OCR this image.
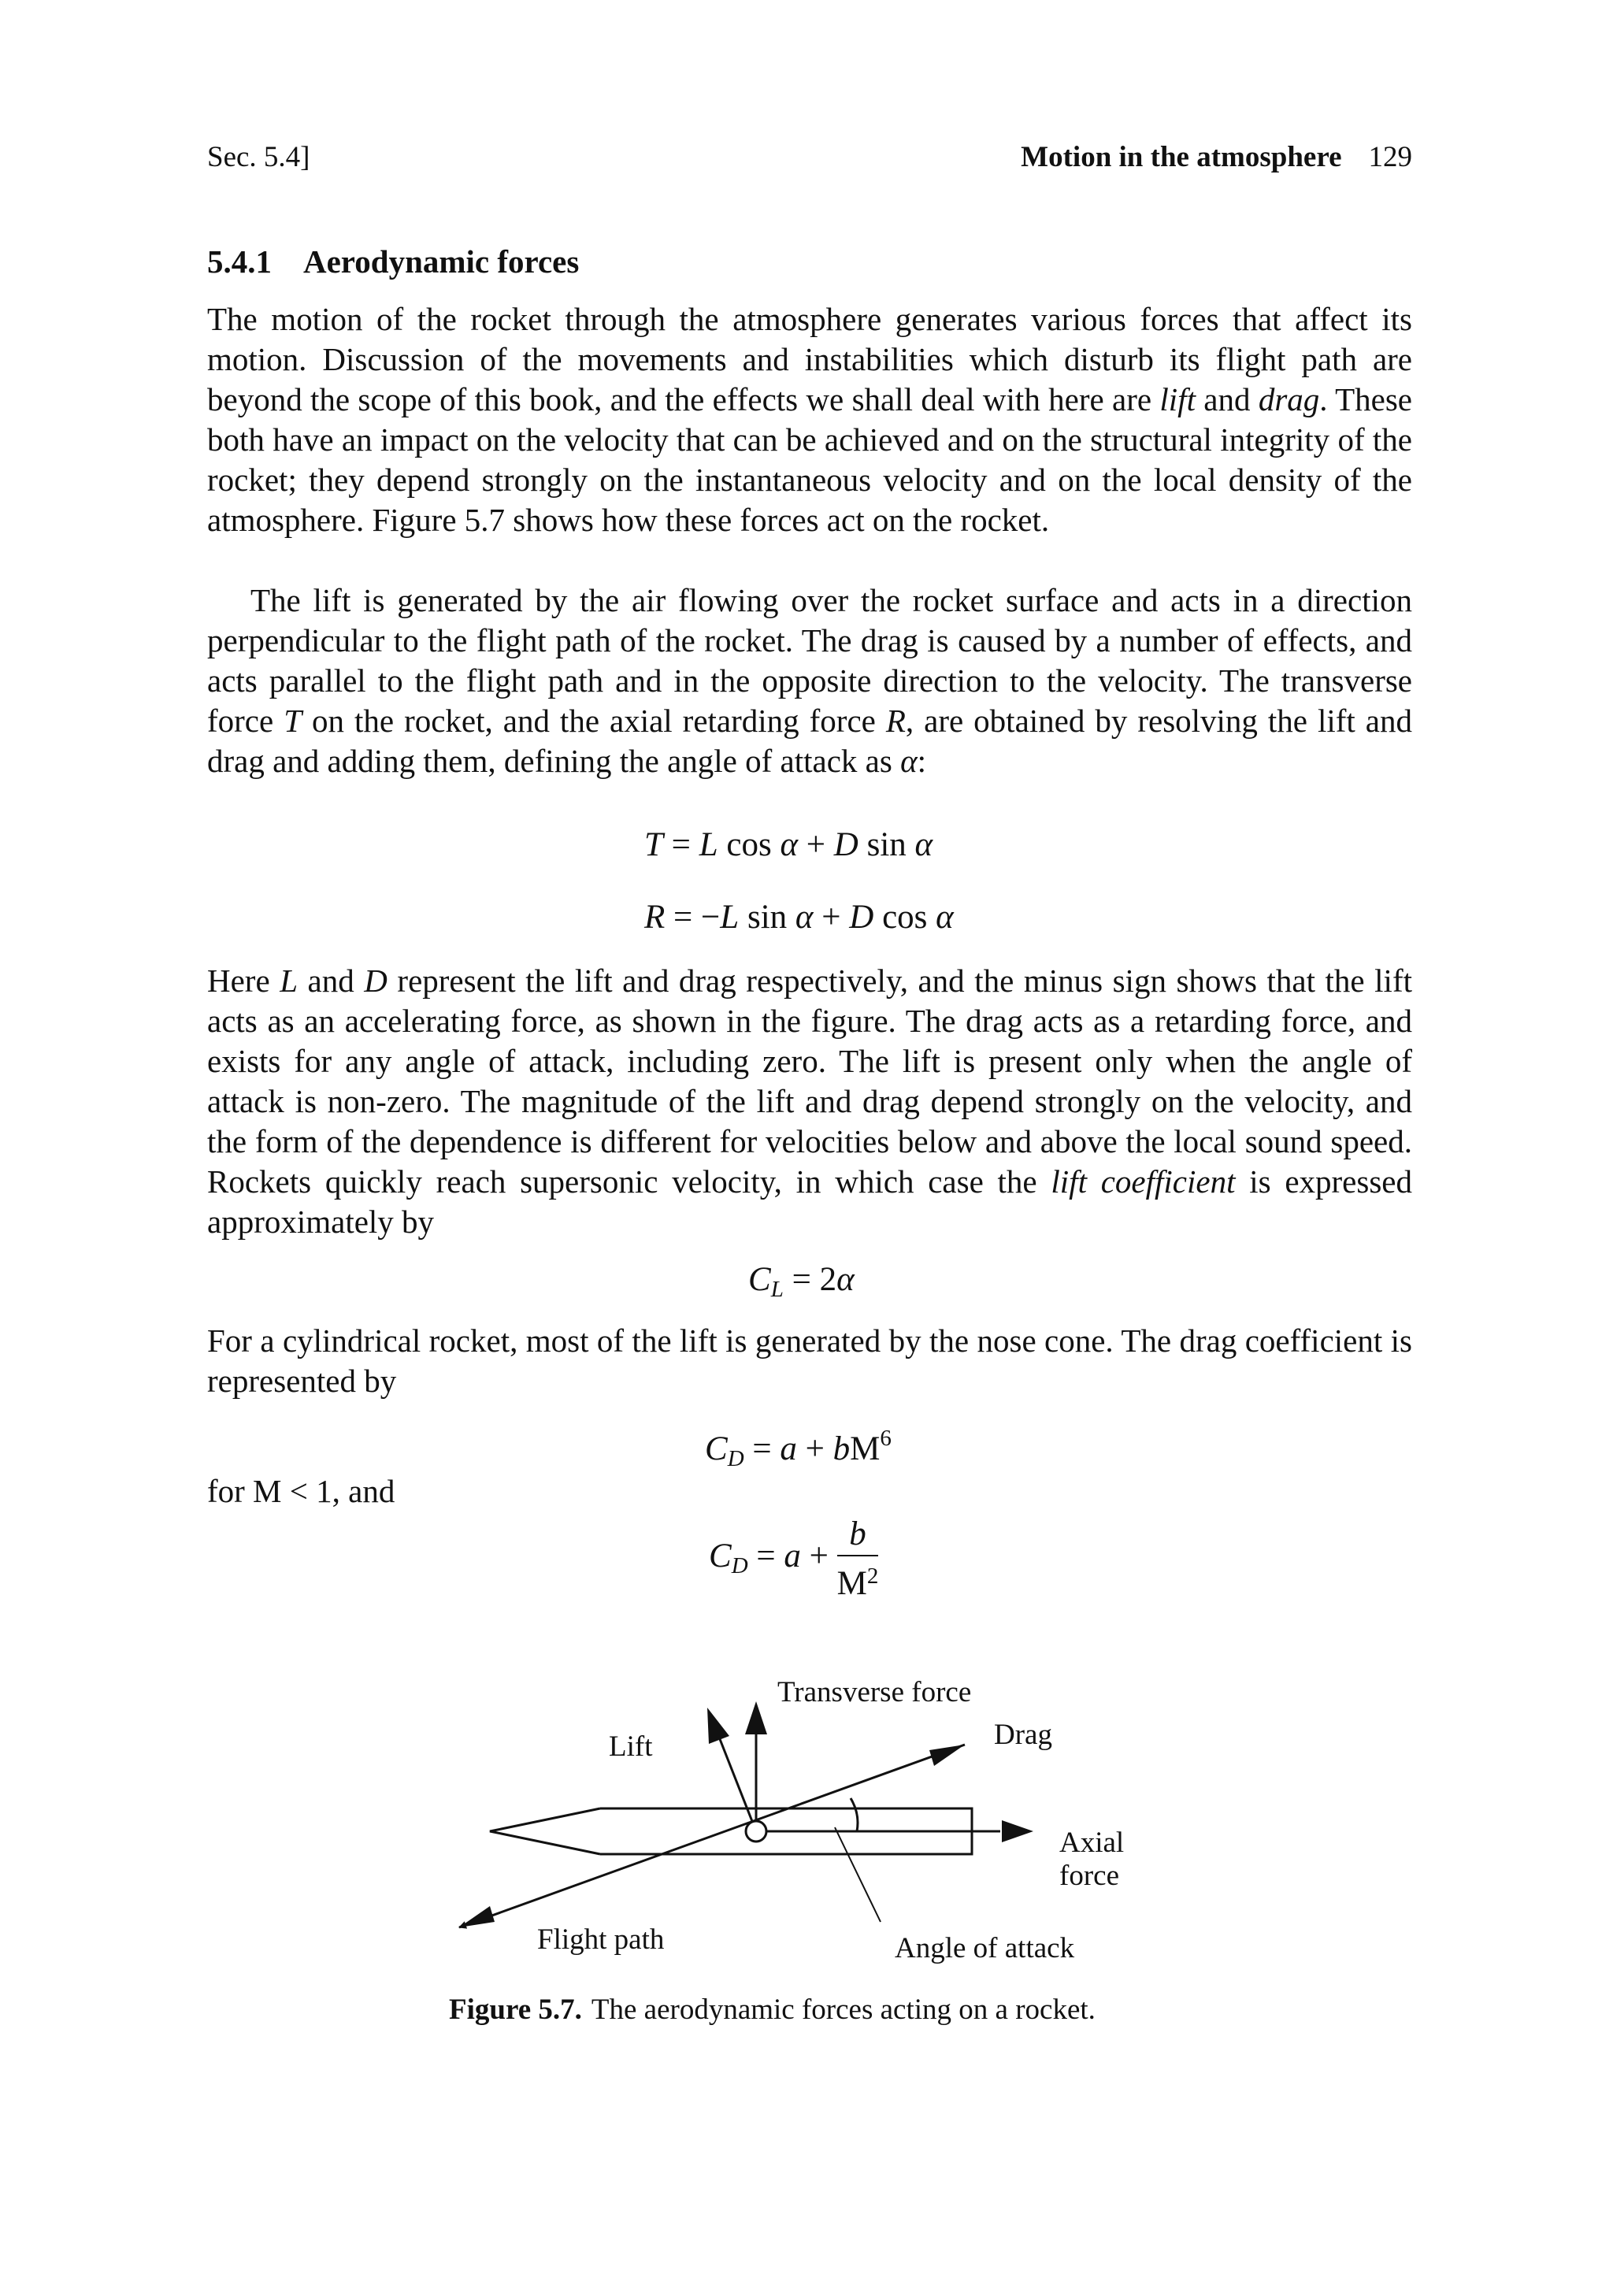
Sec. 5.4]	Motion in the atmosphere 129
5.4.1 Aerodynamic forces

The motion of the rocket through the atmosphere generates various forces that affect its motion. Discussion of the movements and instabilities which disturb its flight path are beyond the scope of this book, and the effects we shall deal with here are lift and drag. These both have an impact on the velocity that can be achieved and on the structural integrity of the rocket; they depend strongly on the instantaneous velocity and on the local density of the atmosphere. Figure 5.7 shows how these forces act on the rocket.

The lift is generated by the air flowing over the rocket surface and acts in a direction perpendicular to the flight path of the rocket. The drag is caused by a number of effects, and acts parallel to the flight path and in the opposite direction to the velocity. The transverse force T on the rocket, and the axial retarding force R, are obtained by resolving the lift and drag and adding them, defining the angle of attack as α:

T = L cos α + D sin α
R = −L sin α + D cos α

Here L and D represent the lift and drag respectively, and the minus sign shows that the lift acts as an accelerating force, as shown in the figure. The drag acts as a retarding force, and exists for any angle of attack, including zero. The lift is present only when the angle of attack is non-zero. The magnitude of the lift and drag depend strongly on the velocity, and the form of the dependence is different for velocities below and above the local sound speed. Rockets quickly reach supersonic velocity, in which case the lift coefficient is expressed approximately by

$C_L = 2\alpha$

For a cylindrical rocket, most of the lift is generated by the nose cone. The drag coefficient is represented by

$C_D = a + bM^6$

for M < 1, and

$C_D = a + \frac{b}{M^2}$
Transverse force
Drag
Lift
Axial
force
Flight path	Angle of attack

Figure 5.7. The aerodynamic forces acting on a rocket.
